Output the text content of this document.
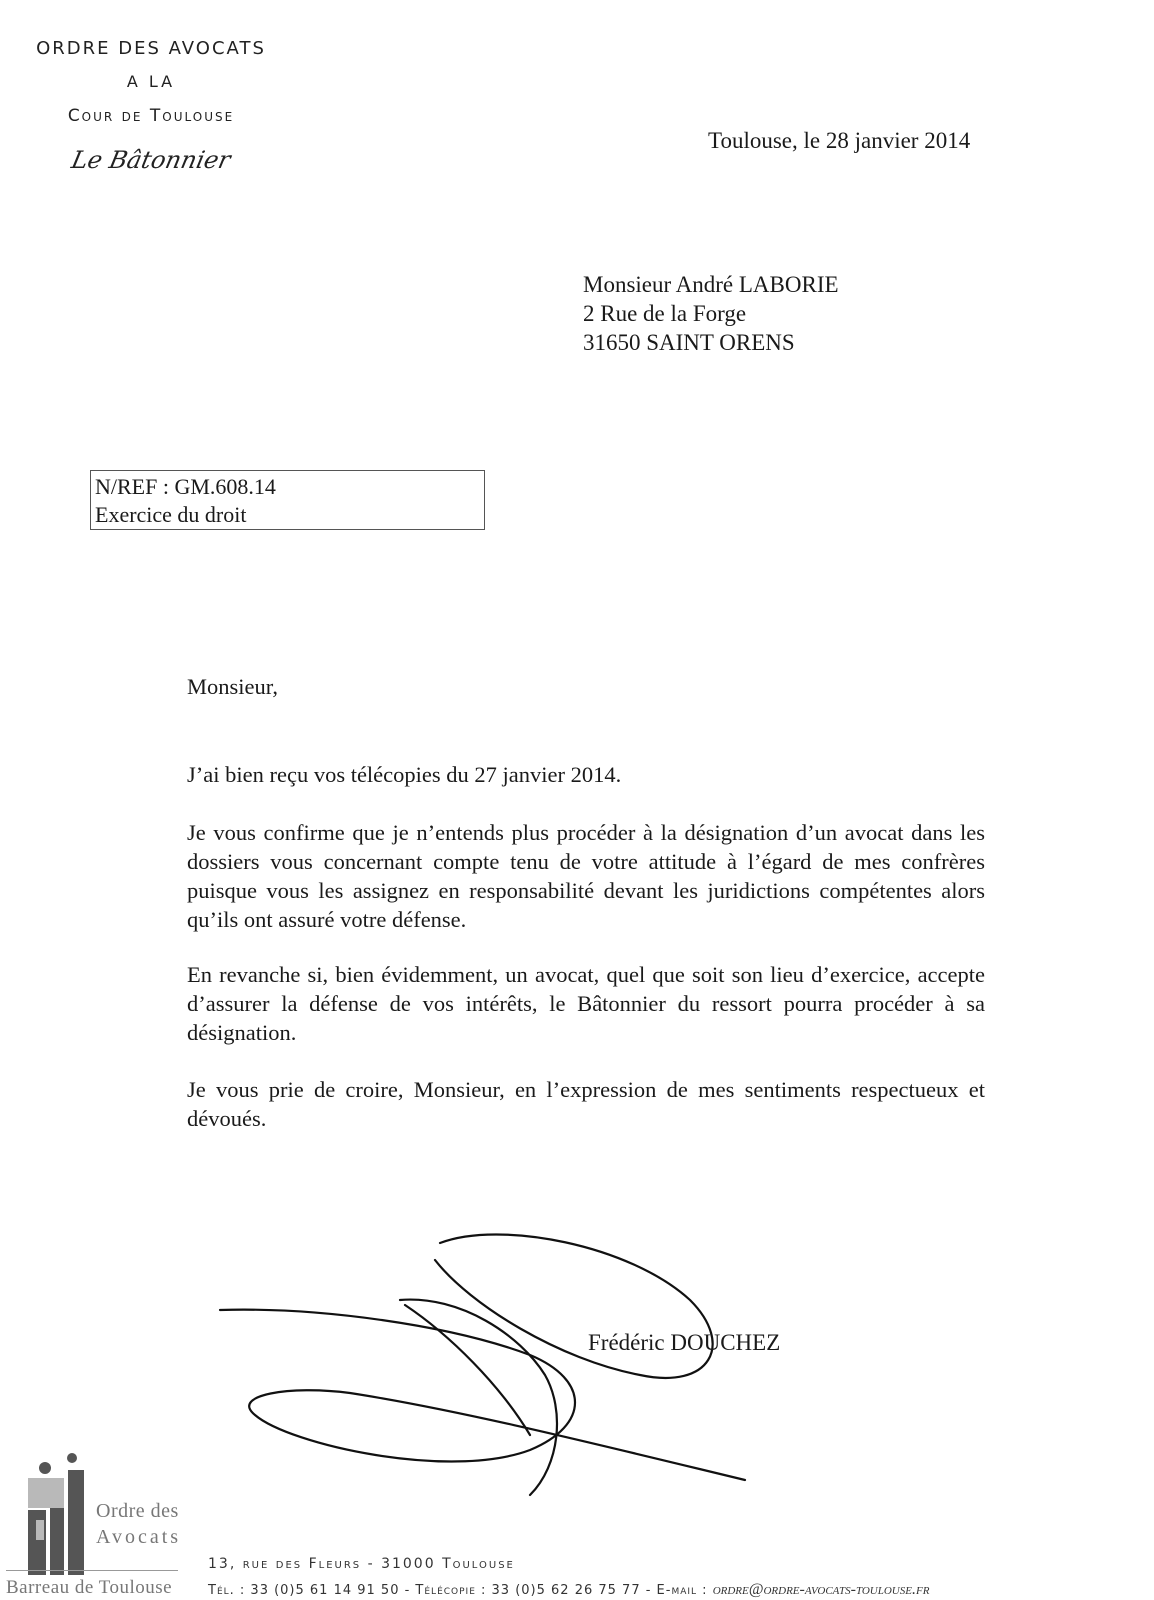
ORDRE DES AVOCATS
A LA
Cour de Toulouse
Le Bâtonnier
Toulouse, le 28 janvier 2014
Monsieur André LABORIE
2 Rue de la Forge
31650 SAINT ORENS
N/REF : GM.608.14
Exercice du droit
Monsieur,
J’ai bien reçu vos télécopies du 27 janvier 2014.
Je vous confirme que je n’entends plus procéder à la désignation d’un avocat dans les dossiers vous concernant compte tenu de votre attitude à l’égard de mes confrères puisque vous les assignez en responsabilité devant les juridictions compétentes alors qu’ils ont assuré votre défense.
En revanche si, bien évidemment, un avocat, quel que soit son lieu d’exercice, accepte d’assurer la défense de vos intérêts, le Bâtonnier du ressort pourra procéder à sa désignation.
Je vous prie de croire, Monsieur, en l’expression de mes sentiments respectueux et dévoués.
Frédéric DOUCHEZ
Ordre des
Avocats
Barreau de Toulouse
13, rue des Fleurs - 31000 Toulouse
Tél. : 33 (0)5 61 14 91 50 - Télécopie : 33 (0)5 62 26 75 77 - E-mail : ordre@ordre-avocats-toulouse.fr
